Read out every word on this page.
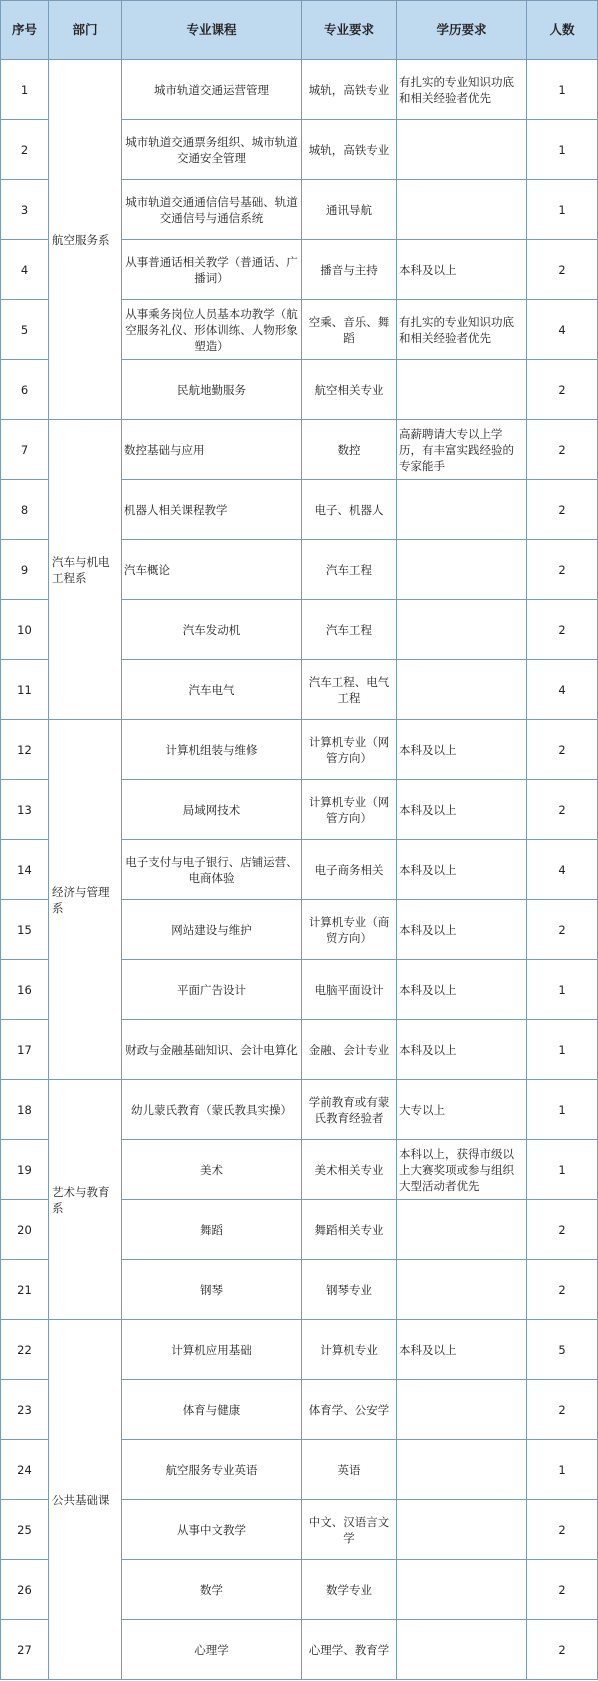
序号	部门	专业课程	专业要求	学历要求	人数
1	航空服务系	城市轨道交通运营管理	城轨，高铁专业	有扎实的专业知识功底和相关经验者优先	1
2		城市轨道交通票务组织、城市轨道交通安全管理	城轨，高铁专业		1
3		城市轨道交通通信信号基础、轨道交通信号与通信系统	通讯导航		1
4		从事普通话相关教学（普通话、广播词）	播音与主持	本科及以上	2
5		从事乘务岗位人员基本功教学（航空服务礼仪、形体训练、人物形象塑造）	空乘、音乐、舞蹈	有扎实的专业知识功底和相关经验者优先	4
6		民航地勤服务	航空相关专业		2
7	汽车与机电工程系	数控基础与应用	数控	高薪聘请大专以上学历，有丰富实践经验的专家能手	2
8		机器人相关课程教学	电子、机器人		2
9		汽车概论	汽车工程		2
10		汽车发动机	汽车工程		2
11		汽车电气	汽车工程、电气工程		4
12	经济与管理系	计算机组装与维修	计算机专业（网管方向）	本科及以上	2
13		局域网技术	计算机专业（网管方向）	本科及以上	2
14		电子支付与电子银行、店铺运营、电商体验	电子商务相关	本科及以上	4
15		网站建设与维护	计算机专业（商贸方向）	本科及以上	2
16		平面广告设计	电脑平面设计	本科及以上	1
17		财政与金融基础知识、会计电算化	金融、会计专业	本科及以上	1
18	艺术与教育系	幼儿蒙氏教育（蒙氏教具实操）	学前教育或有蒙氏教育经验者	大专以上	1
19		美术	美术相关专业	本科以上，获得市级以上大赛奖项或参与组织大型活动者优先	1
20		舞蹈	舞蹈相关专业		2
21		钢琴	钢琴专业		2
22	公共基础课	计算机应用基础	计算机专业	本科及以上	5
23		体育与健康	体育学、公安学		2
24		航空服务专业英语	英语		1
25		从事中文教学	中文、汉语言文学		2
26		数学	数学专业		2
27		心理学	心理学、教育学		2
